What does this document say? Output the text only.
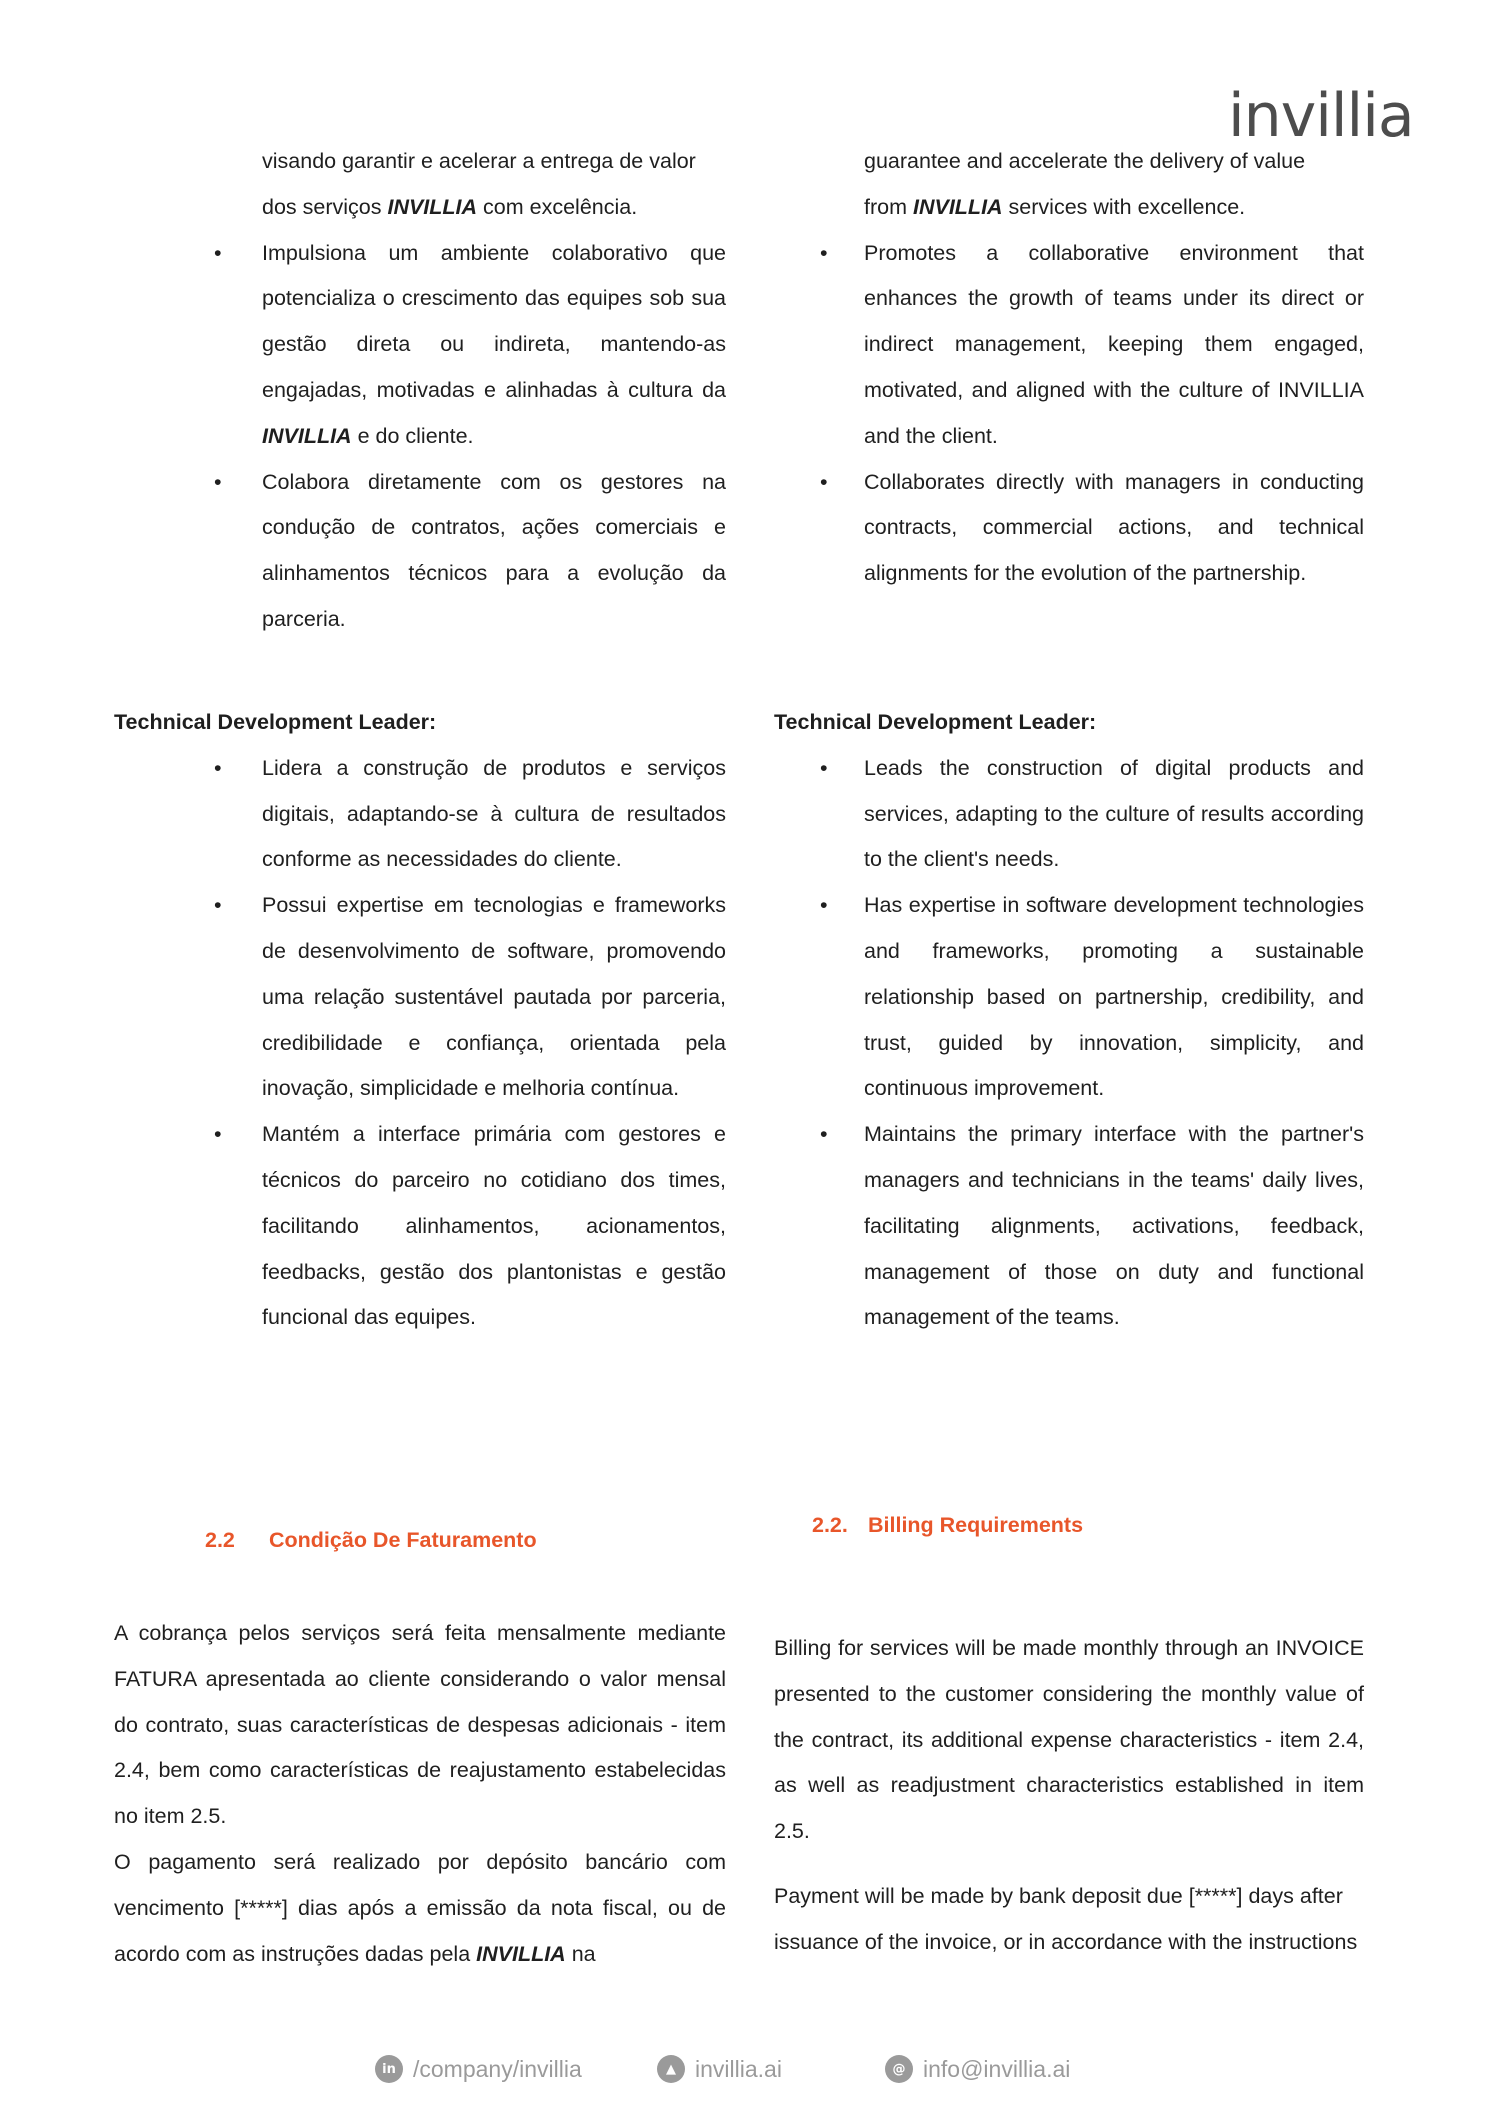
invillia
visando garantir e acelerar a entrega de valor
dos serviços INVILLIA com excelência.
• Impulsiona um ambiente colaborativo que potencializa o crescimento das equipes sob sua gestão direta ou indireta, mantendo-as engajadas, motivadas e alinhadas à cultura da INVILLIA e do cliente.
• Colabora diretamente com os gestores na condução de contratos, ações comerciais e alinhamentos técnicos para a evolução da parceria.
guarantee and accelerate the delivery of value
from INVILLIA services with excellence.
• Promotes a collaborative environment that enhances the growth of teams under its direct or indirect management, keeping them engaged, motivated, and aligned with the culture of INVILLIA and the client.
• Collaborates directly with managers in conducting contracts, commercial actions, and technical alignments for the evolution of the partnership.
Technical Development Leader:
• Lidera a construção de produtos e serviços digitais, adaptando-se à cultura de resultados conforme as necessidades do cliente.
• Possui expertise em tecnologias e frameworks de desenvolvimento de software, promovendo uma relação sustentável pautada por parceria, credibilidade e confiança, orientada pela inovação, simplicidade e melhoria contínua.
• Mantém a interface primária com gestores e técnicos do parceiro no cotidiano dos times, facilitando alinhamentos, acionamentos, feedbacks, gestão dos plantonistas e gestão funcional das equipes.
Technical Development Leader:
• Leads the construction of digital products and services, adapting to the culture of results according to the client's needs.
• Has expertise in software development technologies and frameworks, promoting a sustainable relationship based on partnership, credibility, and trust, guided by innovation, simplicity, and continuous improvement.
• Maintains the primary interface with the partner's managers and technicians in the teams' daily lives, facilitating alignments, activations, feedback, management of those on duty and functional management of the teams.
2.2 Condição De Faturamento
2.2. Billing Requirements
A cobrança pelos serviços será feita mensalmente mediante FATURA apresentada ao cliente considerando o valor mensal do contrato, suas características de despesas adicionais - item 2.4, bem como características de reajustamento estabelecidas no item 2.5.
O pagamento será realizado por depósito bancário com vencimento [*****] dias após a emissão da nota fiscal, ou de acordo com as instruções dadas pela INVILLIA na
Billing for services will be made monthly through an INVOICE presented to the customer considering the monthly value of the contract, its additional expense characteristics - item 2.4, as well as readjustment characteristics established in item 2.5.
Payment will be made by bank deposit due [*****] days after issuance of the invoice, or in accordance with the instructions
in /company/invillia	▲ invillia.ai	@ info@invillia.ai
